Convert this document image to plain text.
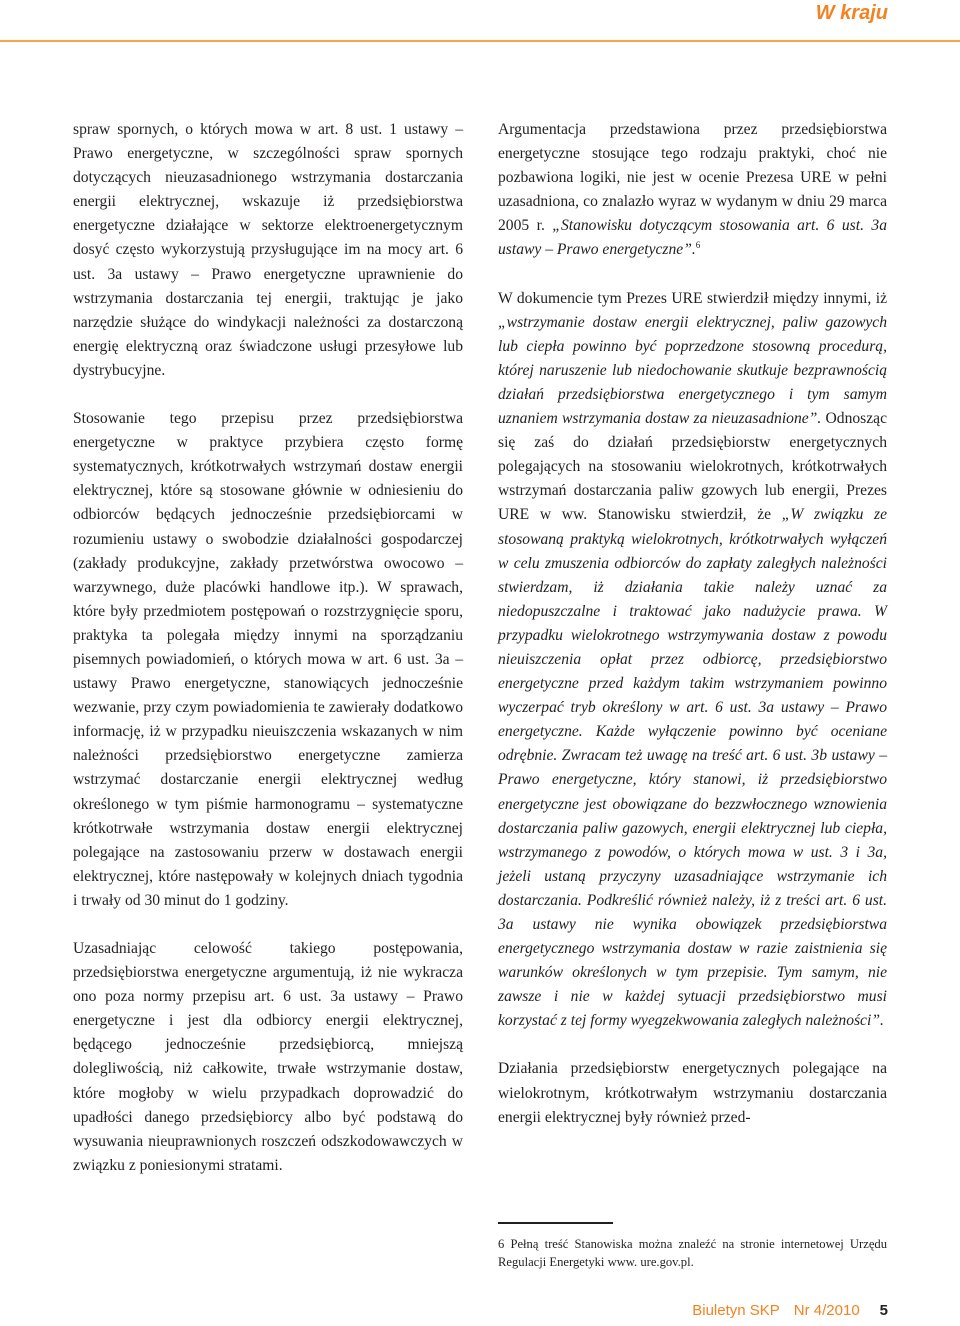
W kraju

spraw spornych, o których mowa w art. 8 ust. 1 ustawy – Prawo energetyczne, w szczególności spraw spornych dotyczących nieuzasadnionego wstrzymania dostarczania energii elektrycznej, wskazuje iż przedsiębiorstwa energetyczne działające w sektorze elektroenergetycznym dosyć często wykorzystują przysługujące im na mocy art. 6 ust. 3a ustawy – Prawo energetyczne uprawnienie do wstrzymania dostarczania tej energii, traktując je jako narzędzie służące do windykacji należności za dostarczoną energię elektryczną oraz świadczone usługi przesyłowe lub dystrybucyjne.

Stosowanie tego przepisu przez przedsiębiorstwa energetyczne w praktyce przybiera często formę systematycznych, krótkotrwałych wstrzymań dostaw energii elektrycznej, które są stosowane głównie w odniesieniu do odbiorców będących jednocześnie przedsiębiorcami w rozumieniu ustawy o swobodzie działalności gospodarczej (zakłady produkcyjne, zakłady przetwórstwa owocowo – warzywnego, duże placówki handlowe itp.). W sprawach, które były przedmiotem postępowań o rozstrzygnięcie sporu, praktyka ta polegała między innymi na sporządzaniu pisemnych powiadomień, o których mowa w art. 6 ust. 3a – ustawy Prawo energetyczne, stanowiących jednocześnie wezwanie, przy czym powiadomienia te zawierały dodatkowo informację, iż w przypadku nieuiszczenia wskazanych w nim należności przedsiębiorstwo energetyczne zamierza wstrzymać dostarczanie energii elektrycznej według określonego w tym piśmie harmonogramu – systematyczne krótkotrwałe wstrzymania dostaw energii elektrycznej polegające na zastosowaniu przerw w dostawach energii elektrycznej, które następowały w kolejnych dniach tygodnia i trwały od 30 minut do 1 godziny.

Uzasadniając celowość takiego postępowania, przedsiębiorstwa energetyczne argumentują, iż nie wykracza ono poza normy przepisu art. 6 ust. 3a ustawy – Prawo energetyczne i jest dla odbiorcy energii elektrycznej, będącego jednocześnie przedsiębiorcą, mniejszą dolegliwością, niż całkowite, trwałe wstrzymanie dostaw, które mogłoby w wielu przypadkach doprowadzić do upadłości danego przedsiębiorcy albo być podstawą do wysuwania nieuprawnionych roszczeń odszkodowawczych w związku z poniesionymi stratami.

Argumentacja przedstawiona przez przedsiębiorstwa energetyczne stosujące tego rodzaju praktyki, choć nie pozbawiona logiki, nie jest w ocenie Prezesa URE w pełni uzasadniona, co znalazło wyraz w wydanym w dniu 29 marca 2005 r. „Stanowisku dotyczącym stosowania art. 6 ust. 3a ustawy – Prawo energetyczne”.$^6$

W dokumencie tym Prezes URE stwierdził między innymi, iż „wstrzymanie dostaw energii elektrycznej, paliw gazowych lub ciepła powinno być poprzedzone stosowną procedurą, której naruszenie lub niedochowanie skutkuje bezprawnością działań przedsiębiorstwa energetycznego i tym samym uznaniem wstrzymania dostaw za nieuzasadnione”. Odnosząc się zaś do działań przedsiębiorstw energetycznych polegających na stosowaniu wielokrotnych, krótkotrwałych wstrzymań dostarczania paliw gzowych lub energii, Prezes URE w ww. Stanowisku stwierdził, że „W związku ze stosowaną praktyką wielokrotnych, krótkotrwałych wyłączeń w celu zmuszenia odbiorców do zapłaty zaległych należności stwierdzam, iż działania takie należy uznać za niedopuszczalne i traktować jako nadużycie prawa. W przypadku wielokrotnego wstrzymywania dostaw z powodu nieuiszczenia opłat przez odbiorcę, przedsiębiorstwo energetyczne przed każdym takim wstrzymaniem powinno wyczerpać tryb określony w art. 6 ust. 3a ustawy – Prawo energetyczne. Każde wyłączenie powinno być oceniane odrębnie. Zwracam też uwagę na treść art. 6 ust. 3b ustawy – Prawo energetyczne, który stanowi, iż przedsiębiorstwo energetyczne jest obowiązane do bezzwłocznego wznowienia dostarczania paliw gazowych, energii elektrycznej lub ciepła, wstrzymanego z powodów, o których mowa w ust. 3 i 3a, jeżeli ustaną przyczyny uzasadniające wstrzymanie ich dostarczania. Podkreślić również należy, iż z treści art. 6 ust. 3a ustawy nie wynika obowiązek przedsiębiorstwa energetycznego wstrzymania dostaw w razie zaistnienia się warunków określonych w tym przepisie. Tym samym, nie zawsze i nie w każdej sytuacji przedsiębiorstwo musi korzystać z tej formy wyegzekwowania zaległych należności”.

Działania przedsiębiorstw energetycznych polegające na wielokrotnym, krótkotrwałym wstrzymaniu dostarczania energii elektrycznej były również przed-

6 Pełną treść Stanowiska można znaleźć na stronie internetowej Urzędu Regulacji Energetyki www. ure.gov.pl.
Biuletyn SKP Nr 4/2010 5
